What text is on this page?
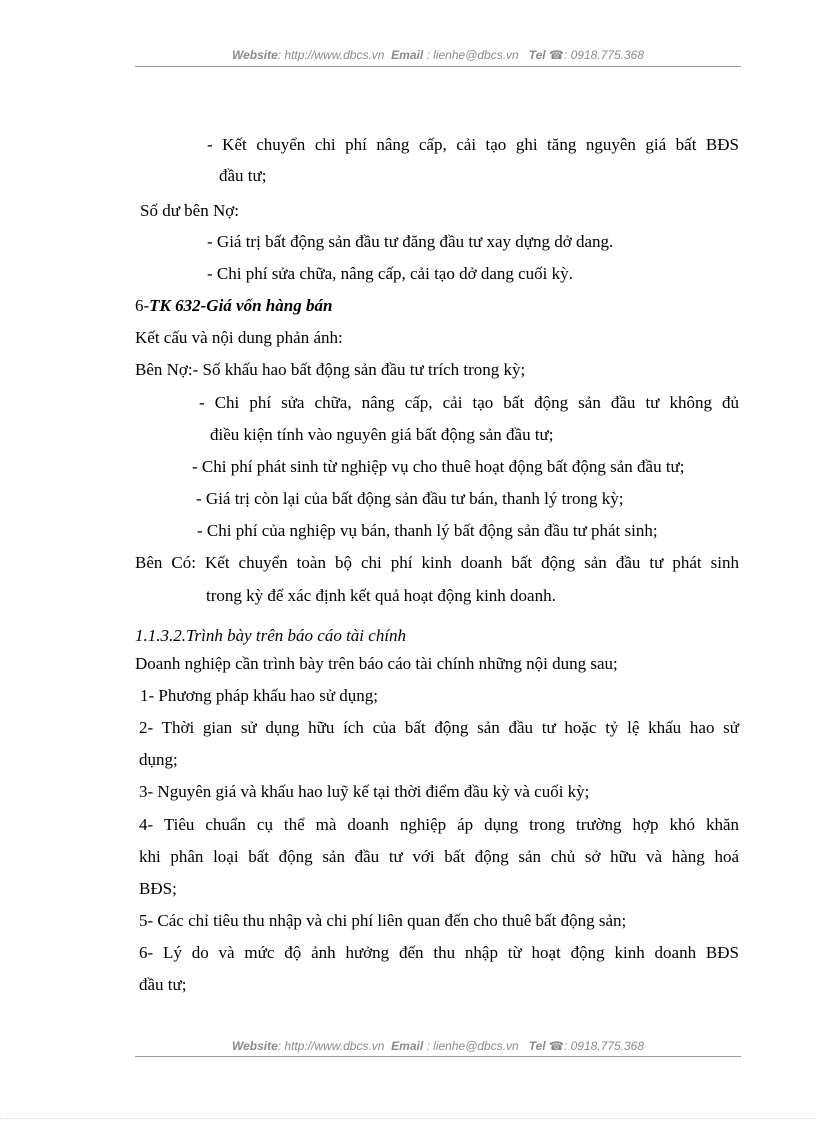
Website: http://www.dbcs.vn Email : lienhe@dbcs.vn Tel ☎: 0918.775.368
- Kết chuyển chi phí nâng cấp, cải tạo ghi tăng nguyên giá bất BĐS
đầu tư;
Số dư bên Nợ:
- Giá trị bất động sản đầu tư đăng đầu tư xay dựng dở dang.
- Chi phí sửa chữa, nâng cấp, cải tạo dở dang cuối kỳ.
6-TK 632-Giá vốn hàng bán
Kết cấu và nội dung phản ánh:
Bên Nợ:- Số khấu hao bất động sản đầu tư trích trong kỳ;
- Chi phí sửa chữa, nâng cấp, cải tạo bất động sản đầu tư không đủ
điều kiện tính vào nguyên giá bất động sản đầu tư;
- Chi phí phát sinh từ nghiệp vụ cho thuê hoạt động bất động sản đầu tư;
- Giá trị còn lại của bất động sản đầu tư bán, thanh lý trong kỳ;
- Chi phí của nghiệp vụ bán, thanh lý bất động sản đầu tư phát sinh;
Bên Có: Kết chuyển toàn bộ chi phí kinh doanh bất động sản đầu tư phát sinh
trong kỳ để xác định kết quả hoạt động kinh doanh.
1.1.3.2.Trình bày trên báo cáo tài chính
Doanh nghiệp cần trình bày trên báo cáo tài chính những nội dung sau;
1- Phương pháp khấu hao sử dụng;
2- Thời gian sử dụng hữu ích của bất động sản đầu tư hoặc tỷ lệ khấu hao sử
dụng;
3- Nguyên giá và khấu hao luỹ kế tại thời điểm đầu kỳ và cuối kỳ;
4- Tiêu chuẩn cụ thể mà doanh nghiệp áp dụng trong trường hợp khó khăn
khi phân loại bất động sản đầu tư với bất động sản chủ sở hữu và hàng hoá
BĐS;
5- Các chỉ tiêu thu nhập và chi phí liên quan đến cho thuê bất động sản;
6- Lý do và mức độ ảnh hưởng đến thu nhập từ hoạt động kinh doanh BĐS
đầu tư;
Website: http://www.dbcs.vn Email : lienhe@dbcs.vn Tel ☎: 0918.775.368
